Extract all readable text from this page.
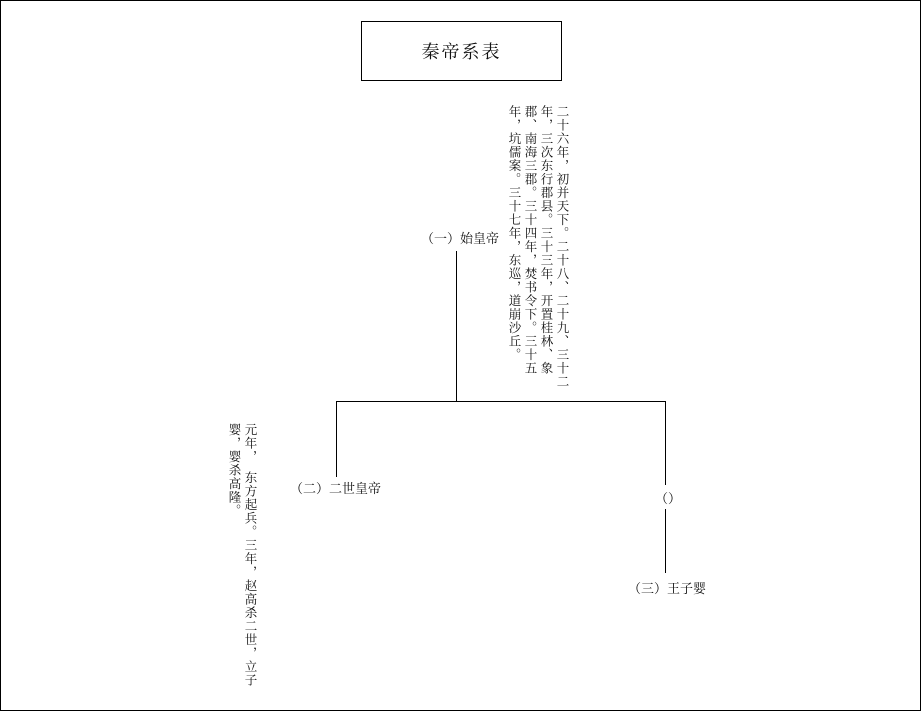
秦帝系表
（一）始皇帝
（二）二世皇帝
（）
（三）王子婴
二十六年，初并天下。二十八、二十九、三十二年，三次东行郡县。三十三年，开置桂林、象郡、南海三郡。三十四年，焚书令下。三十五年，坑儒案。三十七年，东巡，道崩沙丘。
元年，　东方起兵。三年，赵高杀二世，立子婴，婴杀高隆。
